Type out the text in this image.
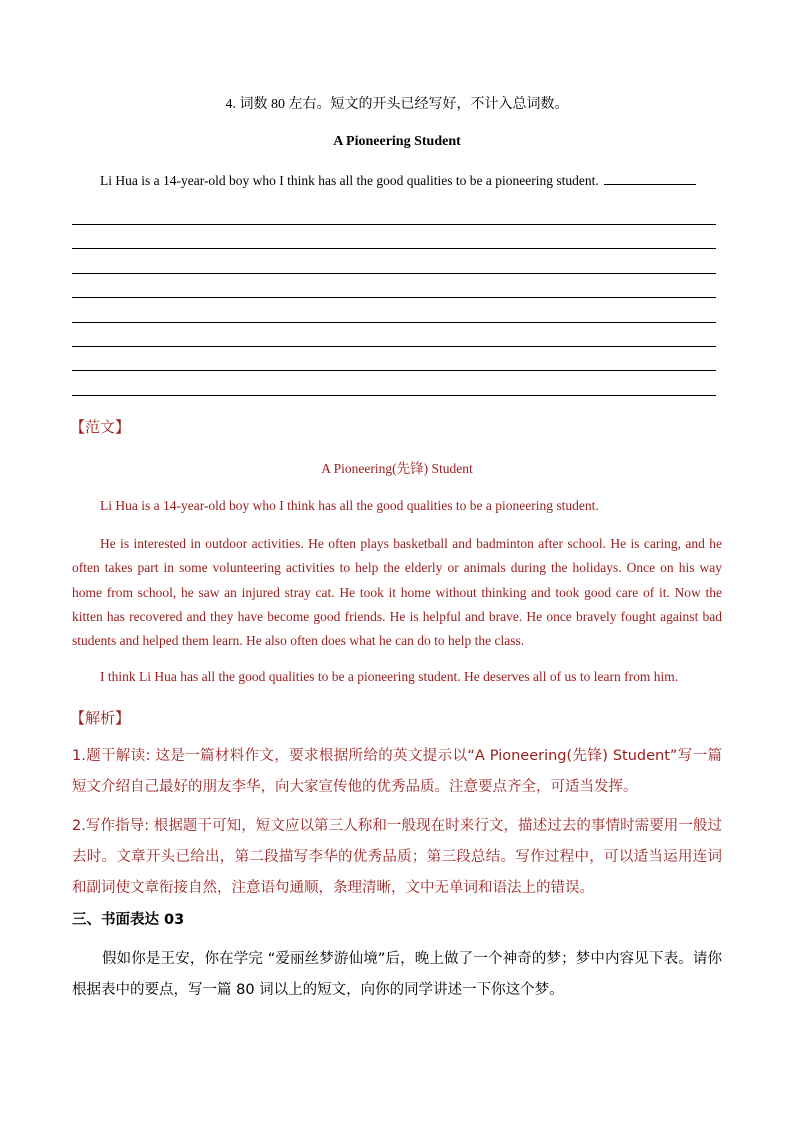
4. 词数 80 左右。短文的开头已经写好，不计入总词数。
A Pioneering Student
Li Hua is a 14-year-old boy who I think has all the good qualities to be a pioneering student.
【范文】
A Pioneering(先锋) Student
Li Hua is a 14-year-old boy who I think has all the good qualities to be a pioneering student.
He is interested in outdoor activities. He often plays basketball and badminton after school. He is caring, and he often takes part in some volunteering activities to help the elderly or animals during the holidays. Once on his way home from school, he saw an injured stray cat. He took it home without thinking and took good care of it. Now the kitten has recovered and they have become good friends. He is helpful and brave. He once bravely fought against bad students and helped them learn. He also often does what he can do to help the class.
I think Li Hua has all the good qualities to be a pioneering student. He deserves all of us to learn from him.
【解析】
1.题干解读: 这是一篇材料作文，要求根据所给的英文提示以“A Pioneering(先锋) Student”写一篇短文介绍自己最好的朋友李华，向大家宣传他的优秀品质。注意要点齐全，可适当发挥。
2.写作指导: 根据题干可知，短文应以第三人称和一般现在时来行文，描述过去的事情时需要用一般过去时。文章开头已给出，第二段描写李华的优秀品质；第三段总结。写作过程中，可以适当运用连词和副词使文章衔接自然，注意语句通顺，条理清晰，文中无单词和语法上的错误。
三、书面表达 03
假如你是王安，你在学完 “爱丽丝梦游仙境”后，晚上做了一个神奇的梦；梦中内容见下表。请你根据表中的要点，写一篇 80 词以上的短文，向你的同学讲述一下你这个梦。
